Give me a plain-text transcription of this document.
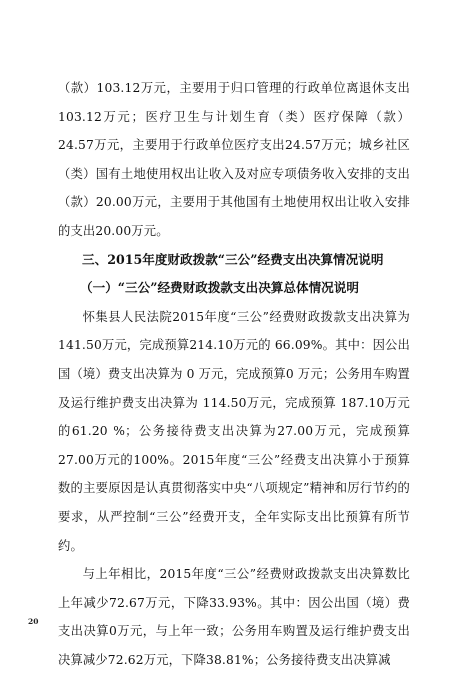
（款）103.12万元，主要用于归口管理的行政单位离退休支出103.12万元；医疗卫生与计划生育（类）医疗保障（款）24.57万元，主要用于行政单位医疗支出24.57万元；城乡社区（类）国有土地使用权出让收入及对应专项债务收入安排的支出（款）20.00万元，主要用于其他国有土地使用权出让收入安排的支出20.00万元。

三、2015年度财政拨款“三公”经费支出决算情况说明
（一）“三公”经费财政拨款支出决算总体情况说明

怀集县人民法院2015年度“三公”经费财政拨款支出决算为141.50万元，完成预算214.10万元的 66.09%。其中：因公出国（境）费支出决算为 0 万元，完成预算0 万元；公务用车购置及运行维护费支出决算为 114.50万元，完成预算 187.10万元的61.20 %；公务接待费支出决算为27.00万元，完成预算27.00万元的100%。2015年度“三公”经费支出决算小于预算数的主要原因是认真贯彻落实中央“八项规定”精神和厉行节约的要求，从严控制“三公”经费开支，全年实际支出比预算有所节约。

与上年相比，2015年度“三公”经费财政拨款支出决算数比上年减少72.67万元，下降33.93%。其中：因公出国（境）费支出决算0万元，与上年一致；公务用车购置及运行维护费支出决算减少72.62万元，下降38.81%；公务接待费支出决算减

20
